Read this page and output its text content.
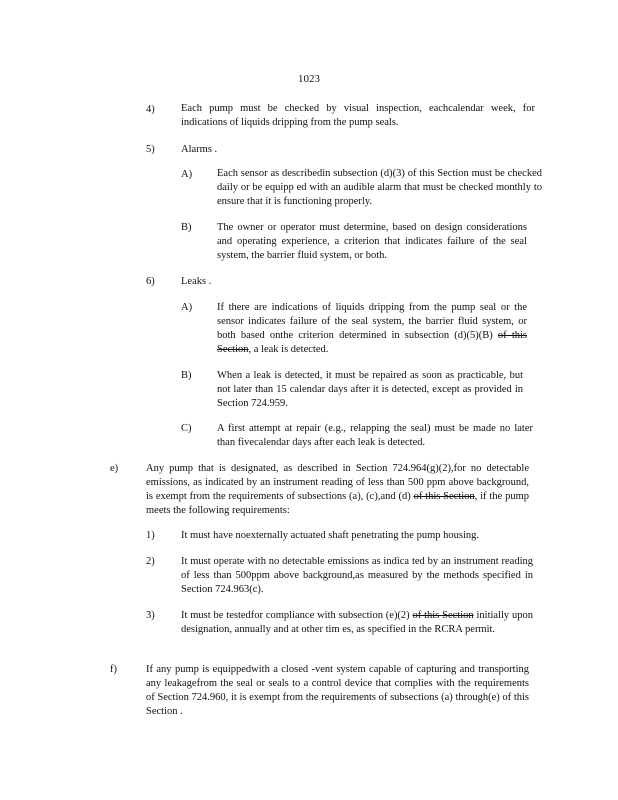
1023
4)	Each pump must be checked by visual inspection, eachcalendar week, for indications of liquids dripping from the pump seals.
5)	Alarms .
A) Each sensor as describedin subsection (d)(3) of this Section must be checked daily or be equipp ed with an audible alarm that must be checked monthly to ensure that it is functioning properly.
B) The owner or operator must determine, based on design considerations and operating experience, a criterion that indicates failure of the seal system, the barrier fluid system, or both.
6)	Leaks .
A) If there are indications of liquids dripping from the pump seal or the sensor indicates failure of the seal system, the barrier fluid system, or both based onthe criterion determined in subsection (d)(5)(B) of this Section, a leak is detected.
B) When a leak is detected, it must be repaired as soon as practicable, but not later than 15 calendar days after it is detected, except as provided in Section 724.959.
C) A first attempt at repair (e.g., relapping the seal) must be made no later than fivecalendar days after each leak is detected.
e)	Any pump that is designated, as described in Section 724.964(g)(2),for no detectable emissions, as indicated by an instrument reading of less than 500 ppm above background, is exempt from the requirements of subsections (a), (c),and (d) of this Section, if the pump meets the following requirements:
1)	It must have noexternally actuated shaft penetrating the pump housing.
2)	It must operate with no detectable emissions as indica ted by an instrument reading of less than 500ppm above background,as measured by the methods specified in Section 724.963(c).
3)	It must be testedfor compliance with subsection (e)(2) of this Section initially upon designation, annually and at other tim es, as specified in the RCRA permit.
f)	If any pump is equippedwith a closed -vent system capable of capturing and transporting any leakagefrom the seal or seals to a control device that complies with the requirements of Section 724.960, it is exempt from the requirements of subsections (a) through(e) of this Section .
